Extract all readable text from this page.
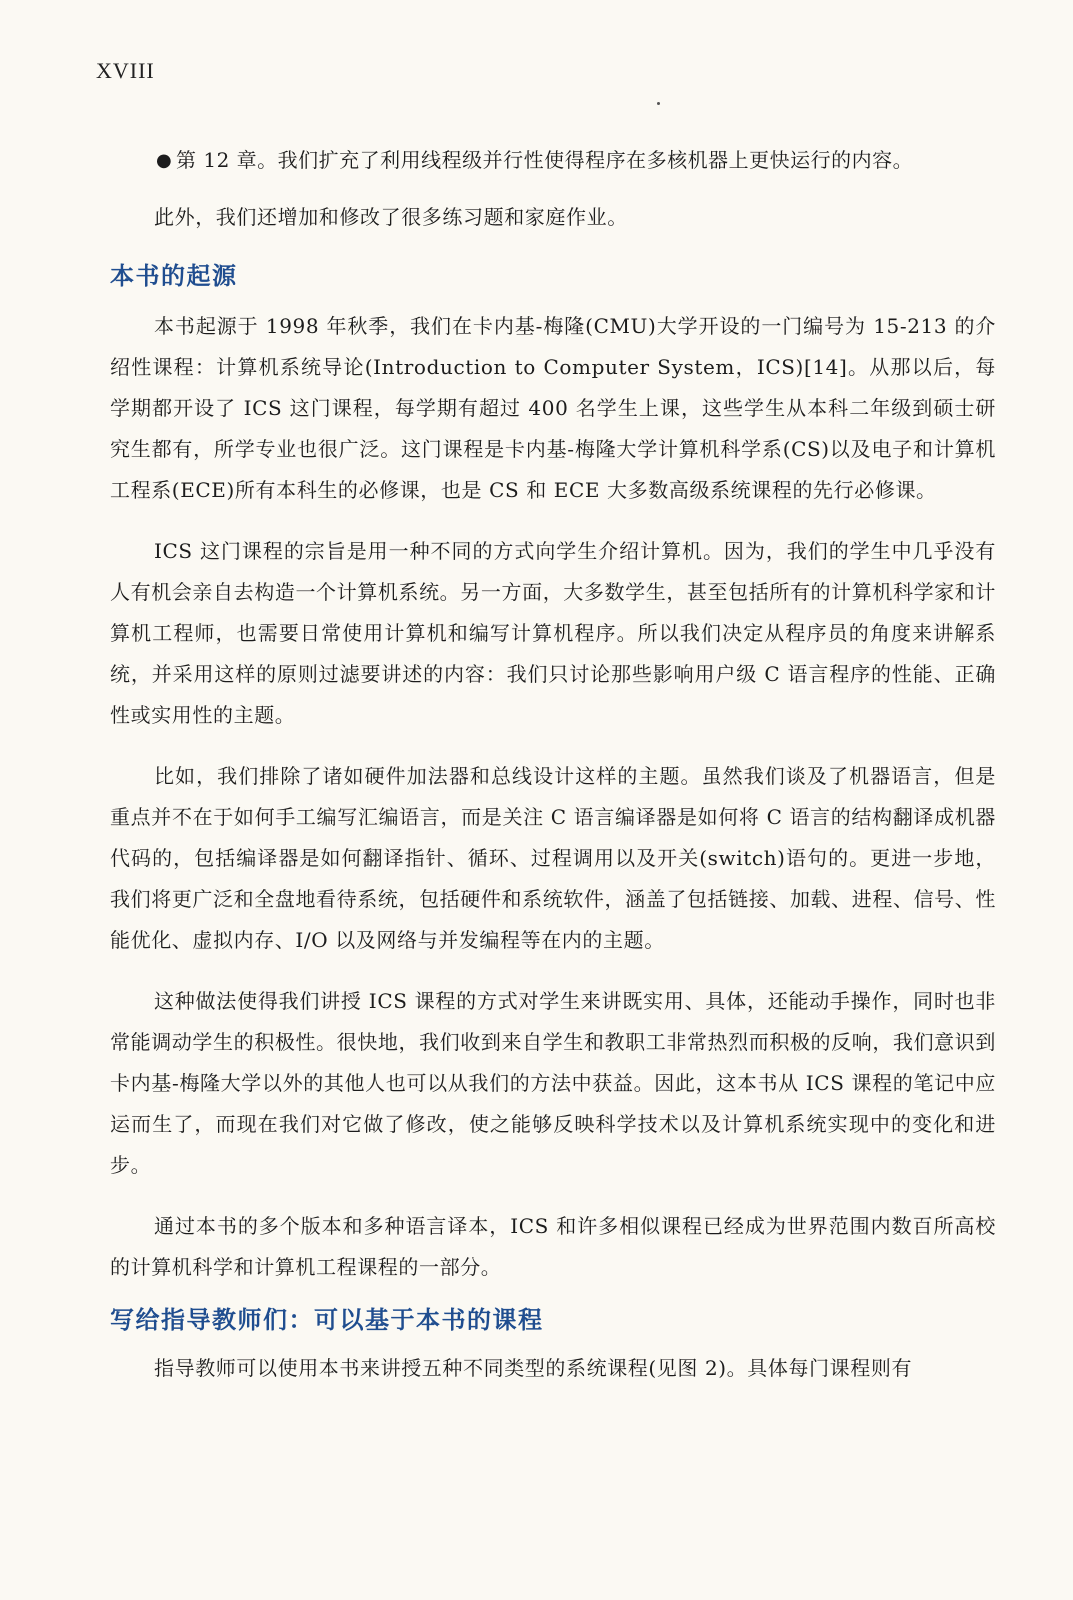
XVIII
● 第 12 章。我们扩充了利用线程级并行性使得程序在多核机器上更快运行的内容。

此外，我们还增加和修改了很多练习题和家庭作业。

本书的起源

本书起源于 1998 年秋季，我们在卡内基-梅隆(CMU)大学开设的一门编号为 15-213 的介绍性课程：计算机系统导论(Introduction to Computer System，ICS)[14]。从那以后，每学期都开设了 ICS 这门课程，每学期有超过 400 名学生上课，这些学生从本科二年级到硕士研究生都有，所学专业也很广泛。这门课程是卡内基-梅隆大学计算机科学系(CS)以及电子和计算机工程系(ECE)所有本科生的必修课，也是 CS 和 ECE 大多数高级系统课程的先行必修课。

ICS 这门课程的宗旨是用一种不同的方式向学生介绍计算机。因为，我们的学生中几乎没有人有机会亲自去构造一个计算机系统。另一方面，大多数学生，甚至包括所有的计算机科学家和计算机工程师，也需要日常使用计算机和编写计算机程序。所以我们决定从程序员的角度来讲解系统，并采用这样的原则过滤要讲述的内容：我们只讨论那些影响用户级 C 语言程序的性能、正确性或实用性的主题。

比如，我们排除了诸如硬件加法器和总线设计这样的主题。虽然我们谈及了机器语言，但是重点并不在于如何手工编写汇编语言，而是关注 C 语言编译器是如何将 C 语言的结构翻译成机器代码的，包括编译器是如何翻译指针、循环、过程调用以及开关(switch)语句的。更进一步地，我们将更广泛和全盘地看待系统，包括硬件和系统软件，涵盖了包括链接、加载、进程、信号、性能优化、虚拟内存、I/O 以及网络与并发编程等在内的主题。

这种做法使得我们讲授 ICS 课程的方式对学生来讲既实用、具体，还能动手操作，同时也非常能调动学生的积极性。很快地，我们收到来自学生和教职工非常热烈而积极的反响，我们意识到卡内基-梅隆大学以外的其他人也可以从我们的方法中获益。因此，这本书从 ICS 课程的笔记中应运而生了，而现在我们对它做了修改，使之能够反映科学技术以及计算机系统实现中的变化和进步。

通过本书的多个版本和多种语言译本，ICS 和许多相似课程已经成为世界范围内数百所高校的计算机科学和计算机工程课程的一部分。

写给指导教师们：可以基于本书的课程

指导教师可以使用本书来讲授五种不同类型的系统课程(见图 2)。具体每门课程则有
